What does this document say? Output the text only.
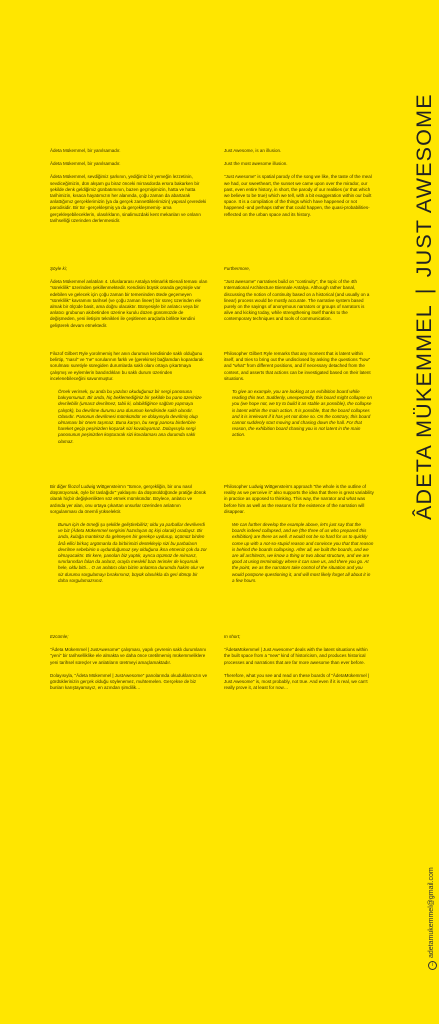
Âdeta Mükemmel, bir yanılsamadır.

Âdeta Mükemmel, bir yanılsamadır.

Âdeta Mükemmel, sevdiğimiz şarkının, yediğimiz bir yemeğin lezzetinin, sevdiceğimizin, dün akşam gu biraz önceki mirrasdorda ersıra bakarken bir şekilde denk geldiğimiz günbatımının, bazen geçmişimizin, hatta ve hatta tarihimizin, kısaca hayatımızın her alanında, çoğu zaman da abartarak anlattığımız gerçeklerimizin (ya da gerçek zannettiklerimizin) yapısal çevredeki parodisidir. Bir tür -gerçekleşmiş ya da gerçekleşmemiş- ama gerçekleşebileceklerin, olasılıkların, sinalimuzdaki kent mekanları ve onların tarihselliği üzerinden derlenmesidir.

Şöyle ki;

Âdeta Mükemmel anlatıları 4. Uluslararası Antalya Mimarlık Bienali teması olan "süreklilik" üzerinden şekillenmektedir. Kendisini büyük oranda geçmişle var edebilen ve gelecek için çoğu zaman bir temeninden ötede geçemeyen "süreklilik" kavramını tarihsel (ve çoğu zaman lineer) bir süreç üzerinden ele almak bir ölçüde basit, ama doğru olacaktır. Bünyesiyle bir anlatıcı veya bir anlatıcı grubunun akıbetinden üzerine kurulu düzen günümüzde de değişmeden, yeni iletişim teknikleri ile çeşitlenen araçlarla birlikte kendini gelişterek devam etmektedir.

Filozof Gilbert Ryle yorolmemiş her anın durumun kendisinde saklı olduğunu belirtip, "nasıl" ve "ne" sorularının farklı ve (gerekirse) bağlamdan kopardarak sorulması suretiyle süregiden durumlarda saklı olanı ortaya çıkartmaya çalışmış ve eylemlerin bandırdıkları bu saklı durum üzerinden incelenebileceğini savunmuştur.

Örnek verirsek, şu anda bu yazıları okuduğunuz bir sergi panosuna bakıyorsunuz. Bir anda, hiç beklemediğiniz bir şekilde bu pano üzerinize devrilebilir (umarız devrilmez, tabii ki, olabildiğince sağlam yapmaya çalıştık), bu devrilme durumu ana durumun kendisinde saklı olandır. Olasıdır. Panonun devrilmesi mümkündür ve dolayısıyla devrilmiş olup olmaması bir önem taşımaz. Buna karşın, bu sergi panosu birdenbire hareket geçip peşinizden koşarak sizi kovalayamaz. Dolayısıyla sergi panosunun peşinizden koşturarak sizi kovalaması ana durumda saklı olamaz.

Bir diğer filozof Ludwig Wittgenstein'ın "tümce, gerçekliğin, bir onu nasıl düşünüyorsak, öyle bir taslağıdır" yaklaşımı da düşünüldüğünde pratiğe dönük olarak hiçbir değişkenlikten söz etmek mümkündür. Böylece, anlatıcı ve ardında yer alan, onu ortaya çıkartan unsurlar üzerinden anlatının sorgulanması da önemli yükselektir.

Bunun için de örneği şu şekilde geliştirebiliriz; oldu ya parballar devrilverdi ve biz (Âdeta Mükemmel sergisini hazırlayan üç kişi olarak) oradayız. Bir anda, kulağa mantıksız da gelmeyen bir gerekçe uydurup, üçümüz birden ânâ ellici birkaç argümanla da birbirimizi destekleyip sizi bu parbaların devrilme sebebinin o uydurduğumuz şey olduğuna ikna etmeniz çok da zor olmayacaktır. Bir kere, panoları biz yaptık, ayrıca üçümüz de mimarız, sınırlarından falan da anlarız, orayla meslekî bazı terimler de koyarsak hele, oldu bitti… O an anlatıcı olan bizim anlatıma durumda hakim olur ve siz durumu sorgulamayı bırakırsınız, büyük olasılıkla da geri dönüp bir daha sorgulamazsınız.

Ezcümle;

"Âdeta Mükemmel | JustAwesome" çalışması, yapılı çevrenin saklı durumlarını "yeni" bir tarihselliklike ele almakta ve daha önce üretilmemiş mükemmeliklere yeni tarihsel süreçler ve anlatıların üretmeyi amaçlamaktadır.

Dolayısıyla, "Âdeta Mükemmel | JustAwesome" panolarında okuduklarınızın ve gördüklerinizin gerçek olduğu söylenemez, muhtemelen. Gerçekse de biz bunları karıştayamayız, en azından şimdilik…

Just Awesome, is an illusion.

Just the most awesome illusion.

"Just Awesome" is spatial parody of the song we like, the taste of the meal we had, our sweetheart, the sunset we came upon over the mirador, our past, even entire history, in short, the parody of our realities (or that which we believe to be true) which we tell, with a bit exaggeration within our built space. It is a compilation of the things which have happened or not happened -and perhaps rather that could happen, the quasi-probabilities- reflected on the urban space and its history.

Furthermore,

"Just awesome" narratives build on "continuity", the topic of the 4th International Architecture Biennale Antalya. Although rather banal, discussing the notion of continuity based on a historical (and usually on a linear) process would be mostly accurate. The narrative system based purely on the sayings of anonymous narrators or groups of narrators is alive and kicking today, while strengthening itself thanks to the contemporary techniques and tools of communication.

Philosopher Gilbert Ryle remarks that any moment that is latent within itself, and tries to bring out the undisclosed by asking the questions "how" and "what" from different positions, and if necessary detached from the context, and asserts that actions can be investigated based on their latent situations.

To give an example, you are looking at an exhibition board while reading this text. Suddenly, unexpectedly, this board might collapse on you (we hope not, we try to build it as stable as possible), the collapse is latent within the main action. It is possible, that the board collapses and it is irrelevant if it has yet not done so. On the contrary, this board cannot suddenly start moving and chasing down the hall. For that reason, the exhibition board chasing you is not latent in the main action.

Philosopher Ludwig Wittgenstein's approach "the whole is the outline of reality as we perceive it" also supports the idea that there is great variability in practice as opposed to thinking. This way, the narrator and what was before him as well as the reasons for the existence of the narration will disappear.

We can further develop the example above, let's just say that the boards indeed collapsed, and we (the three of us who prepared this exhibition) are there as well. It would not be so hard for us to quickly come up with a not-so-stupid reason and convince you that that reason is behind the boards collapsing. After all, we built the boards, and we are all architects, we know a thing or two about structure, and we are good at using terminology where it can save us, and there you go. At the point, we as the narrators take control of the situation and you would postpone questioning it, and will most likely forget all about it in a few hours.

In short;

"ÂdetaMükemmel | Just Awesome" deals with the latent situations within the built space from a "new" kind of historicism, and produces historical processes and narrations that are far more awesome than ever before.

Therefore, what you see and read on these boards of "ÂdetaMükemmel | Just Awesome" is, most probably, not true. And even if it is real, we can't really prove it, at least for now…

ÂDETA MÜKEMMEL|JUST AWESOME
iadetamukemmel@gmail.com
